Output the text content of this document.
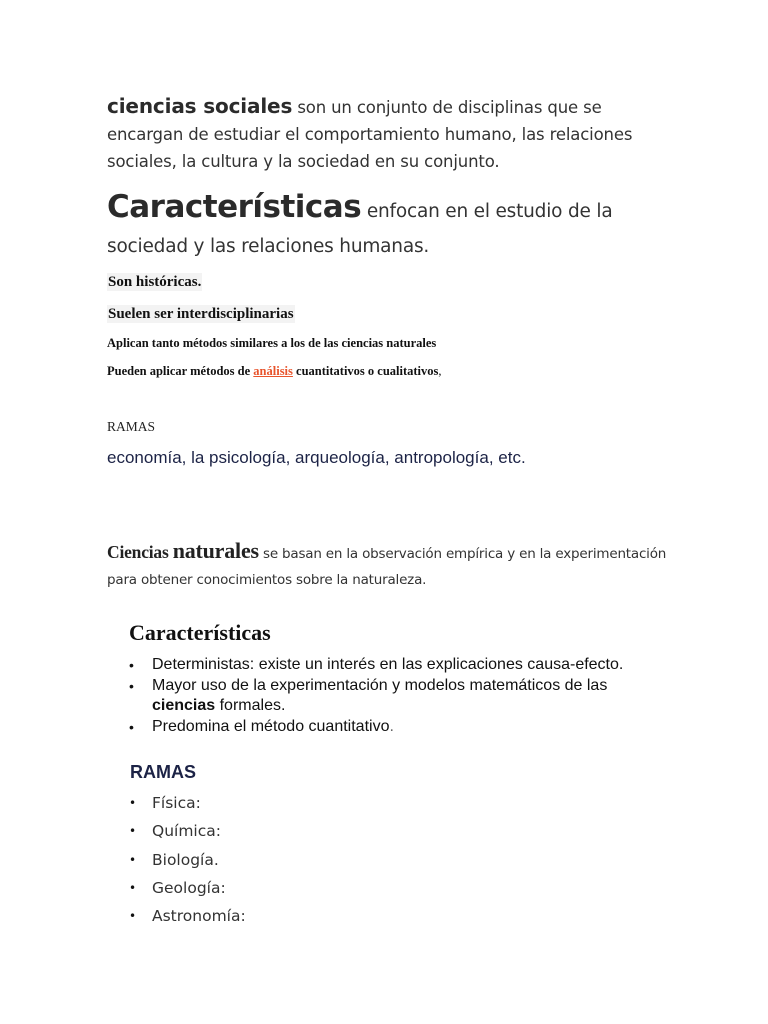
ciencias sociales son un conjunto de disciplinas que se encargan de estudiar el comportamiento humano, las relaciones sociales, la cultura y la sociedad en su conjunto.
Características enfocan en el estudio de la sociedad y las relaciones humanas.
Son históricas.
Suelen ser interdisciplinarias
Aplican tanto métodos similares a los de las ciencias naturales
Pueden aplicar métodos de análisis cuantitativos o cualitativos,
RAMAS
economía, la psicología, arqueología, antropología, etc.
Ciencias naturales se basan en la observación empírica y en la experimentación para obtener conocimientos sobre la naturaleza.
Características
• Deterministas: existe un interés en las explicaciones causa-efecto.
• Mayor uso de la experimentación y modelos matemáticos de las ciencias formales.
• Predomina el método cuantitativo.
RAMAS
• Física:
• Química:
• Biología.
• Geología:
• Astronomía:
